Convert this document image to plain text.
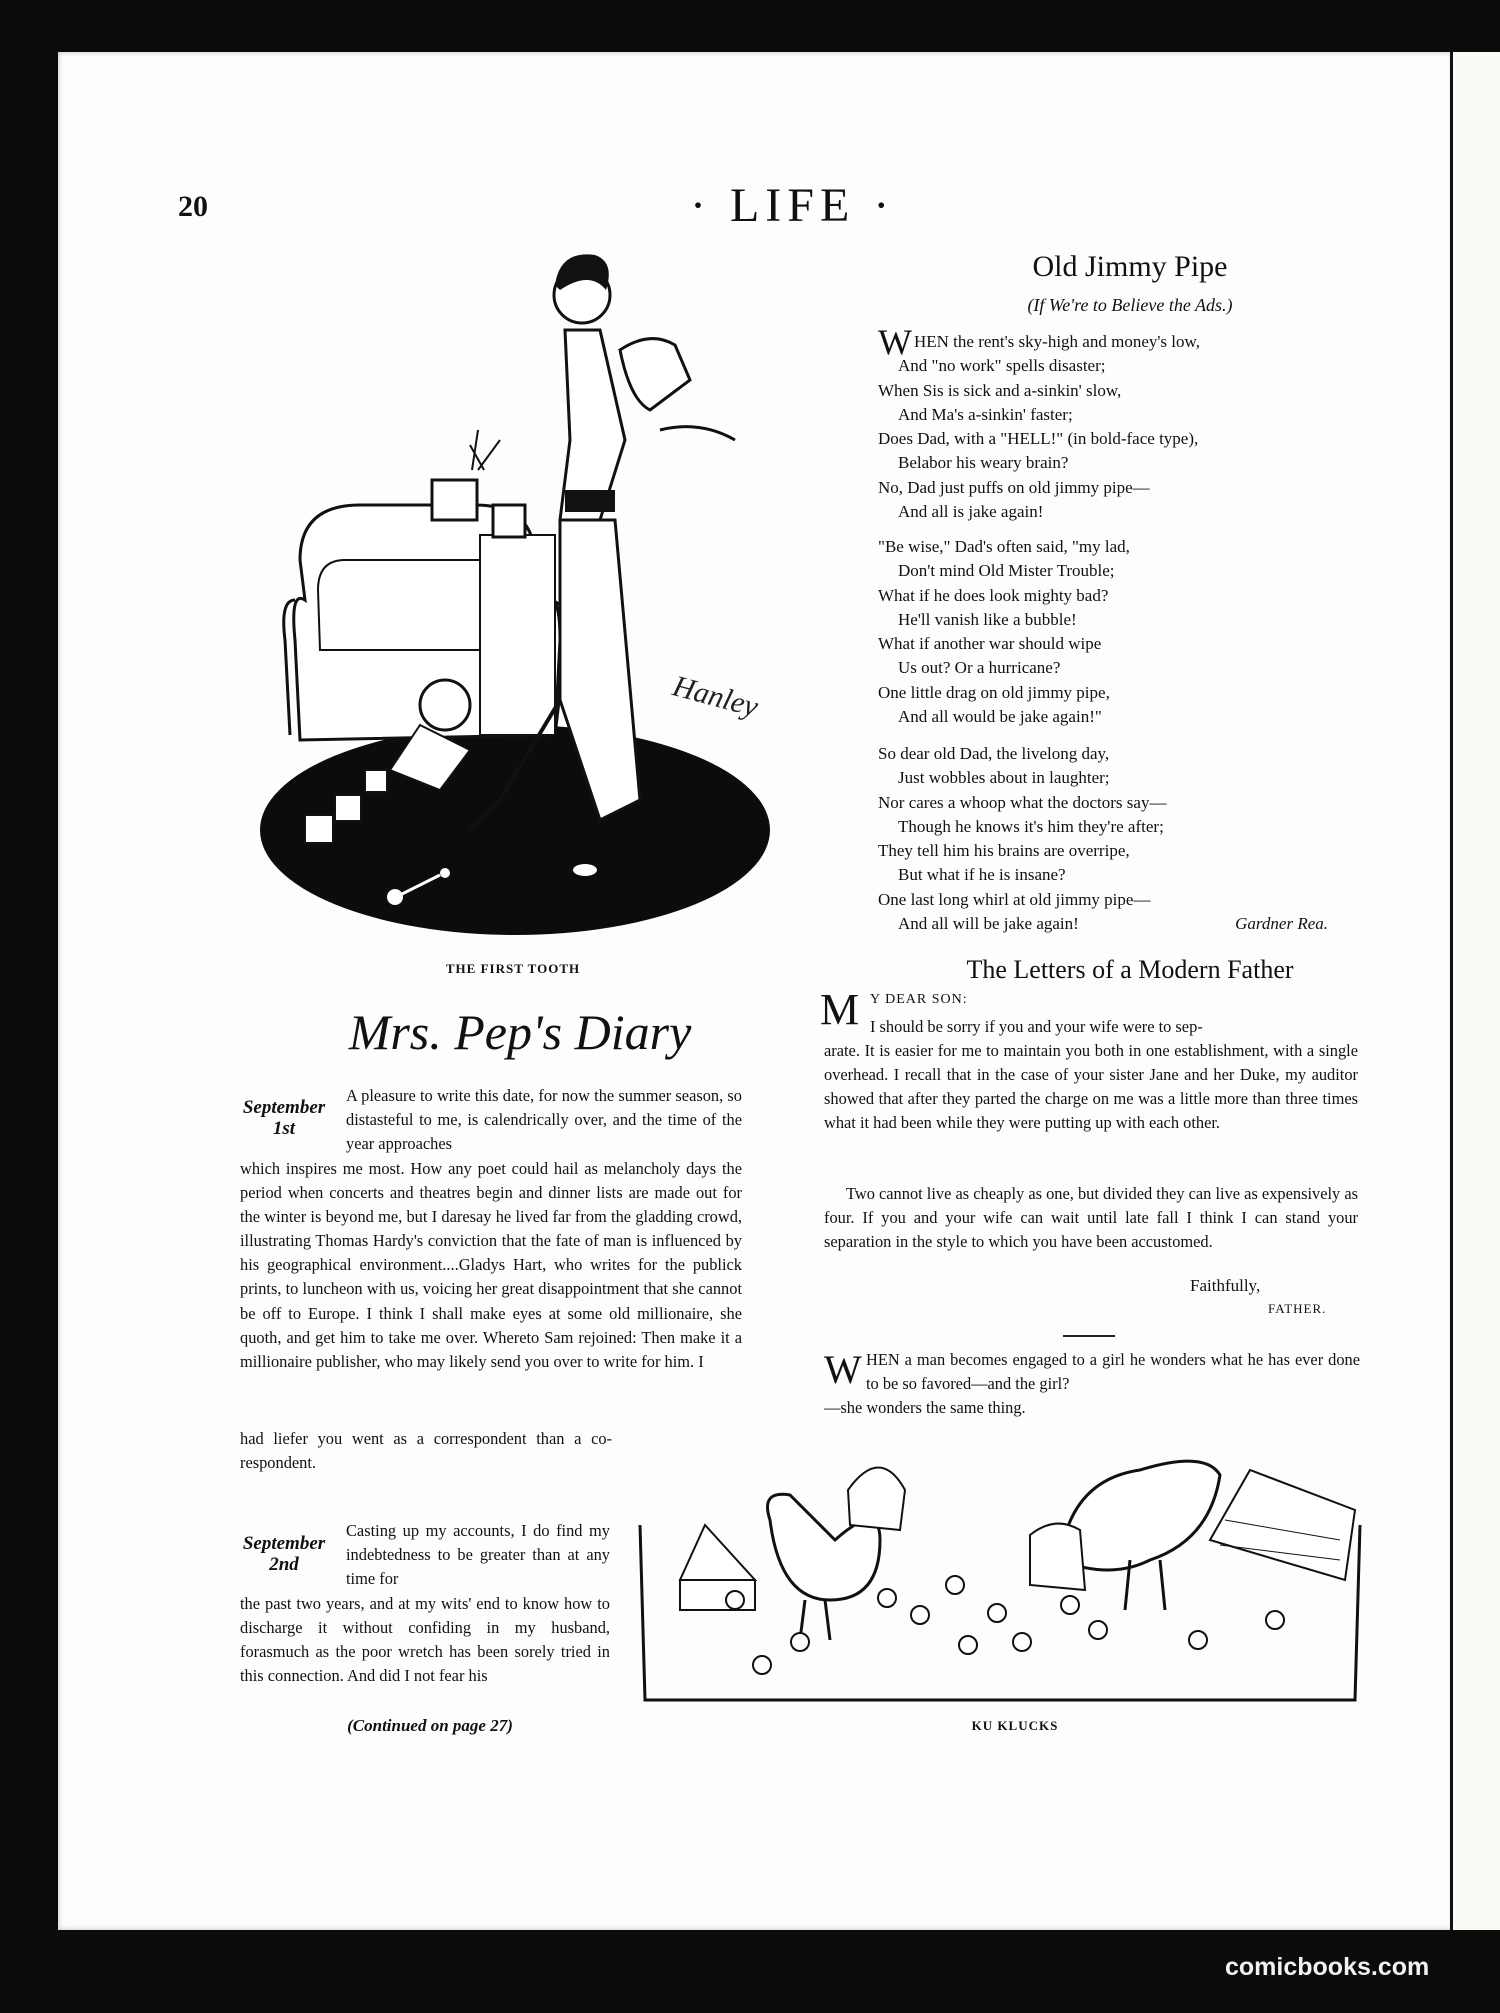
20	· LIFE ·
Hanley
THE FIRST TOOTH
Old Jimmy Pipe
(If We're to Believe the Ads.)
WHEN the rent's sky-high and money's low,
And "no work" spells disaster;
When Sis is sick and a-sinkin' slow,
And Ma's a-sinkin' faster;
Does Dad, with a "HELL!" (in bold-face type),
Belabor his weary brain?
No, Dad just puffs on old jimmy pipe—
And all is jake again!
"Be wise," Dad's often said, "my lad,
Don't mind Old Mister Trouble;
What if he does look mighty bad?
He'll vanish like a bubble!
What if another war should wipe
Us out? Or a hurricane?
One little drag on old jimmy pipe,
And all would be jake again!"
So dear old Dad, the livelong day,
Just wobbles about in laughter;
Nor cares a whoop what the doctors say—
Though he knows it's him they're after;
They tell him his brains are overripe,
But what if he is insane?
One last long whirl at old jimmy pipe—
And all will be jake again!	Gardner Rea.
Mrs. Pep's Diary
September
1st
A pleasure to write this date, for now the summer season, so distasteful to me, is calendrically over, and the time of the year approaches
which inspires me most. How any poet could hail as melancholy days the period when concerts and theatres begin and dinner lists are made out for the winter is beyond me, but I daresay he lived far from the gladding crowd, illustrating Thomas Hardy's conviction that the fate of man is influenced by his geographical environment....Gladys Hart, who writes for the publick prints, to luncheon with us, voicing her great disappointment that she cannot be off to Europe. I think I shall make eyes at some old millionaire, she quoth, and get him to take me over. Whereto Sam rejoined: Then make it a millionaire publisher, who may likely send you over to write for him. I
had liefer you went as a correspondent than a co-respondent.
September
2nd
Casting up my accounts, I do find my indebtedness to be greater than at any time for
the past two years, and at my wits' end to know how to discharge it without confiding in my husband, forasmuch as the poor wretch has been sorely tried in this connection. And did I not fear his
(Continued on page 27)
The Letters of a Modern Father
M Y DEAR SON:
I should be sorry if you and your wife were to sep-
arate. It is easier for me to maintain you both in one establishment, with a single overhead. I recall that in the case of your sister Jane and her Duke, my auditor showed that after they parted the charge on me was a little more than three times what it had been while they were putting up with each other.
Two cannot live as cheaply as one, but divided they can live as expensively as four. If you and your wife can wait until late fall I think I can stand your separation in the style to which you have been accustomed.
Faithfully,
FATHER.
W HEN a man becomes engaged to a girl he wonders what he has ever done to be so favored—and the girl?
—she wonders the same thing.
KU KLUCKS
comicbooks.com
